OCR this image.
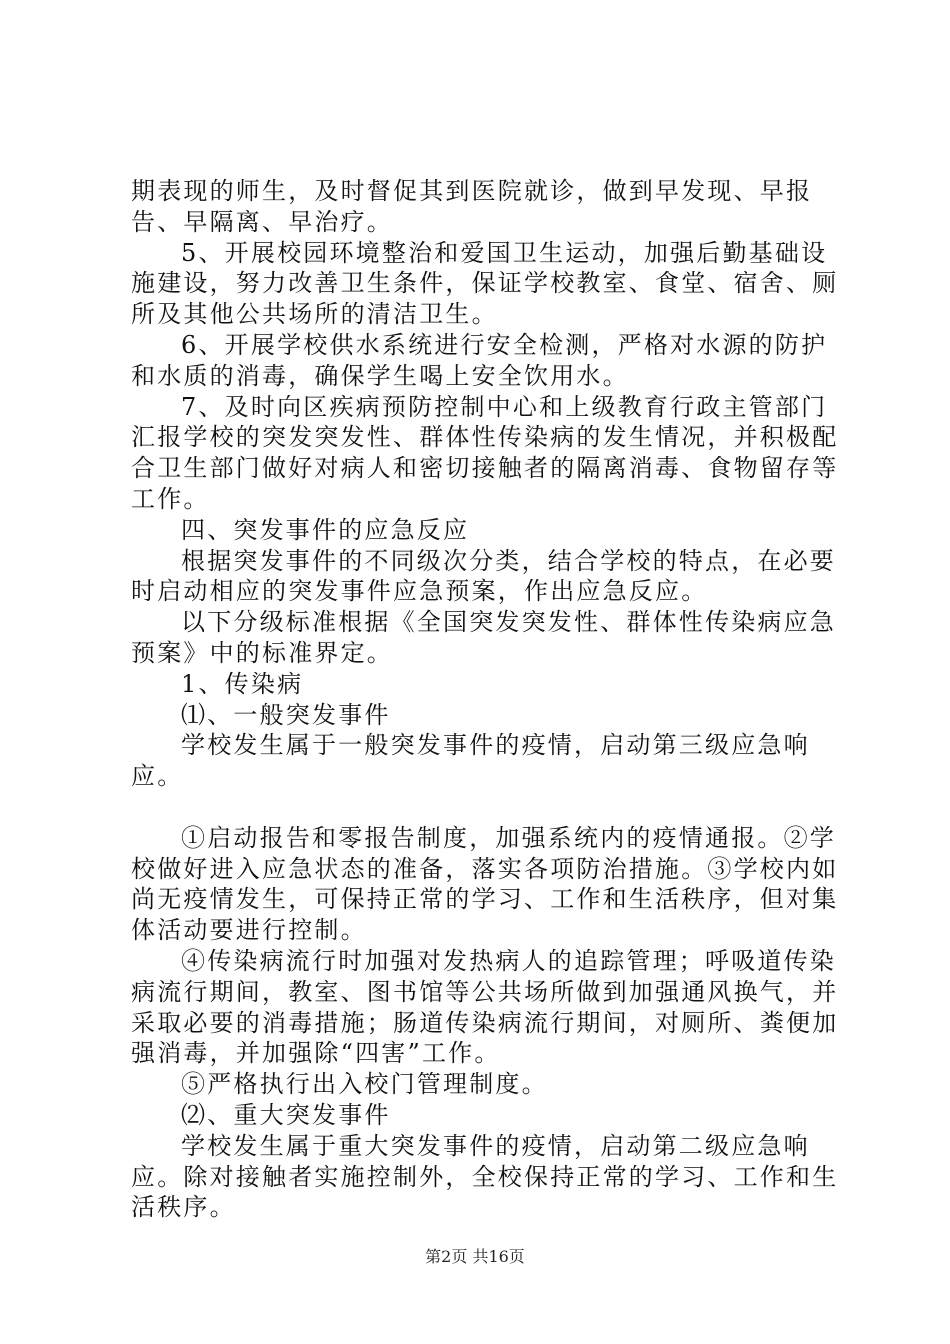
期表现的师生，及时督促其到医院就诊，做到早发现、早报告、早隔离、早治疗。

5、开展校园环境整治和爱国卫生运动，加强后勤基础设施建设，努力改善卫生条件，保证学校教室、食堂、宿舍、厕所及其他公共场所的清洁卫生。

6、开展学校供水系统进行安全检测，严格对水源的防护和水质的消毒，确保学生喝上安全饮用水。

7、及时向区疾病预防控制中心和上级教育行政主管部门汇报学校的突发突发性、群体性传染病的发生情况，并积极配合卫生部门做好对病人和密切接触者的隔离消毒、食物留存等工作。

四、突发事件的应急反应

根据突发事件的不同级次分类，结合学校的特点，在必要时启动相应的突发事件应急预案，作出应急反应。

以下分级标准根据《全国突发突发性、群体性传染病应急预案》中的标准界定。

1、传染病

⑴、一般突发事件

学校发生属于一般突发事件的疫情，启动第三级应急响应。

①启动报告和零报告制度，加强系统内的疫情通报。②学校做好进入应急状态的准备，落实各项防治措施。③学校内如尚无疫情发生，可保持正常的学习、工作和生活秩序，但对集体活动要进行控制。

④传染病流行时加强对发热病人的追踪管理；呼吸道传染病流行期间，教室、图书馆等公共场所做到加强通风换气，并采取必要的消毒措施；肠道传染病流行期间，对厕所、粪便加强消毒，并加强除“四害”工作。

⑤严格执行出入校门管理制度。

⑵、重大突发事件

学校发生属于重大突发事件的疫情，启动第二级应急响应。除对接触者实施控制外，全校保持正常的学习、工作和生活秩序。

第2页 共16页
